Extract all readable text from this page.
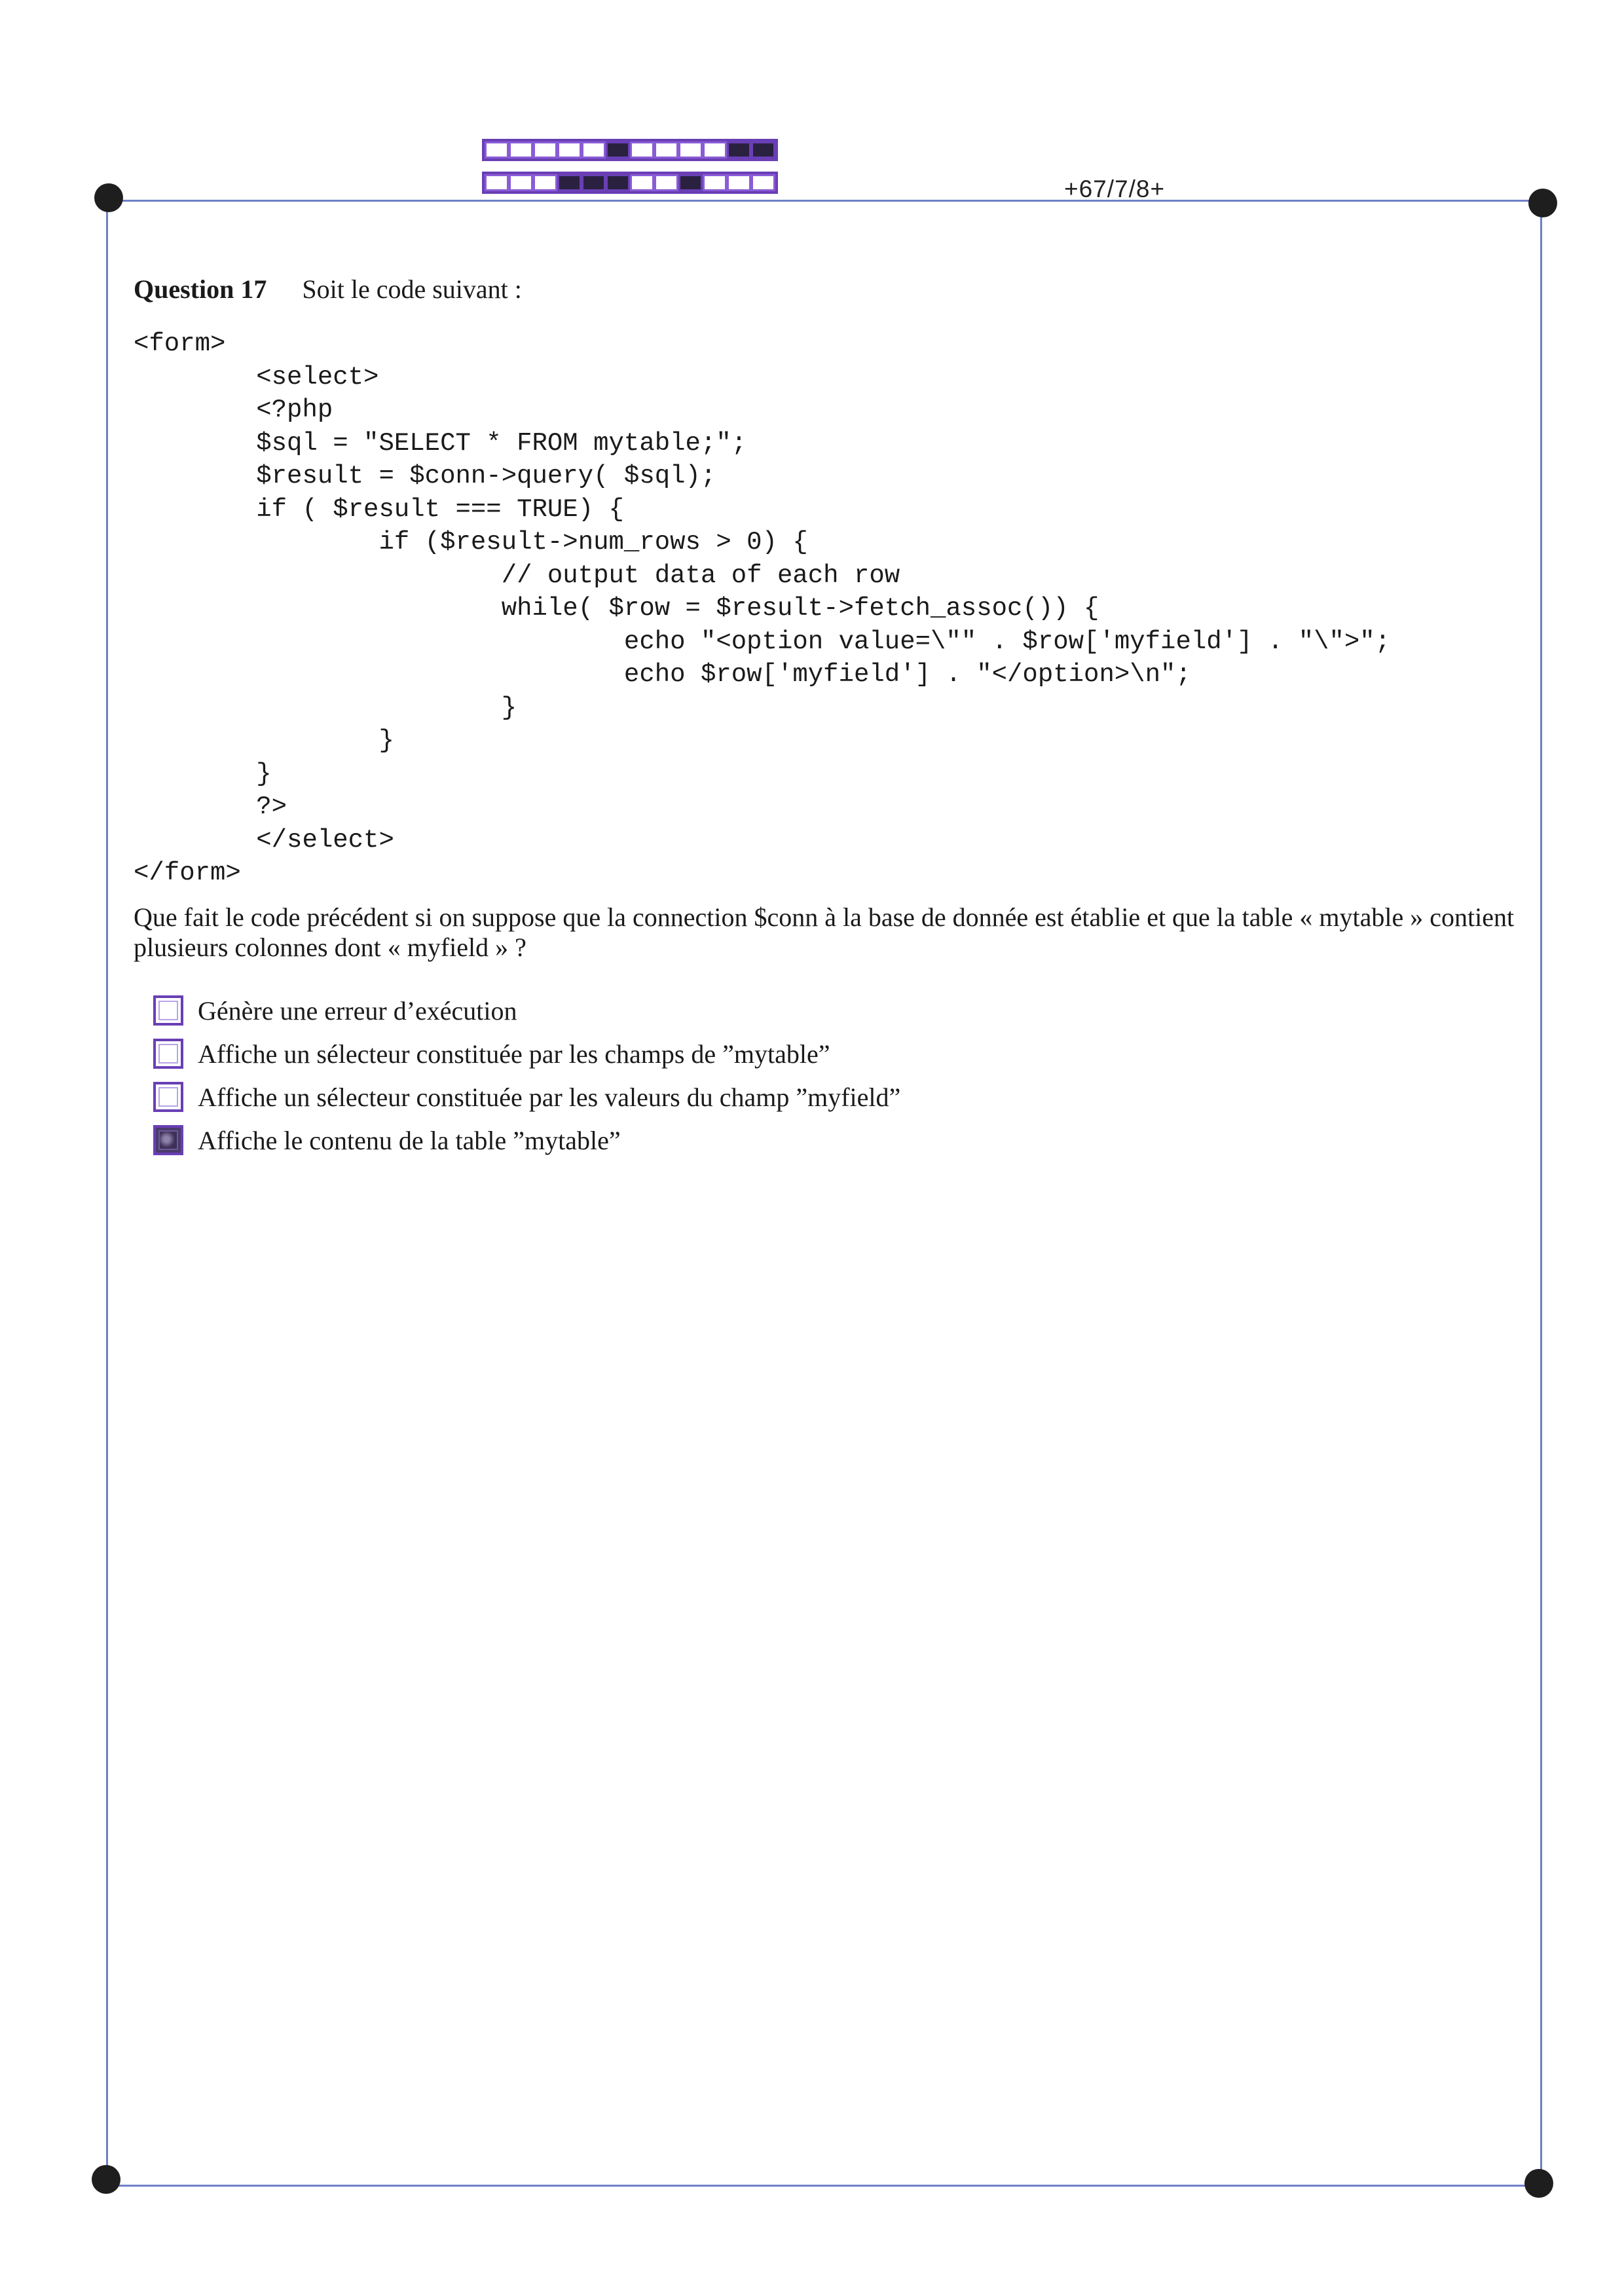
+67/7/8+
Question 17 Soit le code suivant :
<form>
<select>
<?php
$sql = "SELECT * FROM mytable;";
$result = $conn->query( $sql);
if ( $result === TRUE) {
if ($result->num_rows > 0) {
// output data of each row
while( $row = $result->fetch_assoc()) {
echo "<option value=\"" . $row['myfield'] . "\">";
echo $row['myfield'] . "</option>\n";
}
}
}
?>
</select>
</form>
Que fait le code précédent si on suppose que la connection $conn à la base de donnée est établie et que la table « mytable » contient plusieurs colonnes dont « myfield » ?
Génère une erreur d’exécution
Affiche un sélecteur constituée par les champs de ”mytable”
Affiche un sélecteur constituée par les valeurs du champ ”myfield”
Affiche le contenu de la table ”mytable”
